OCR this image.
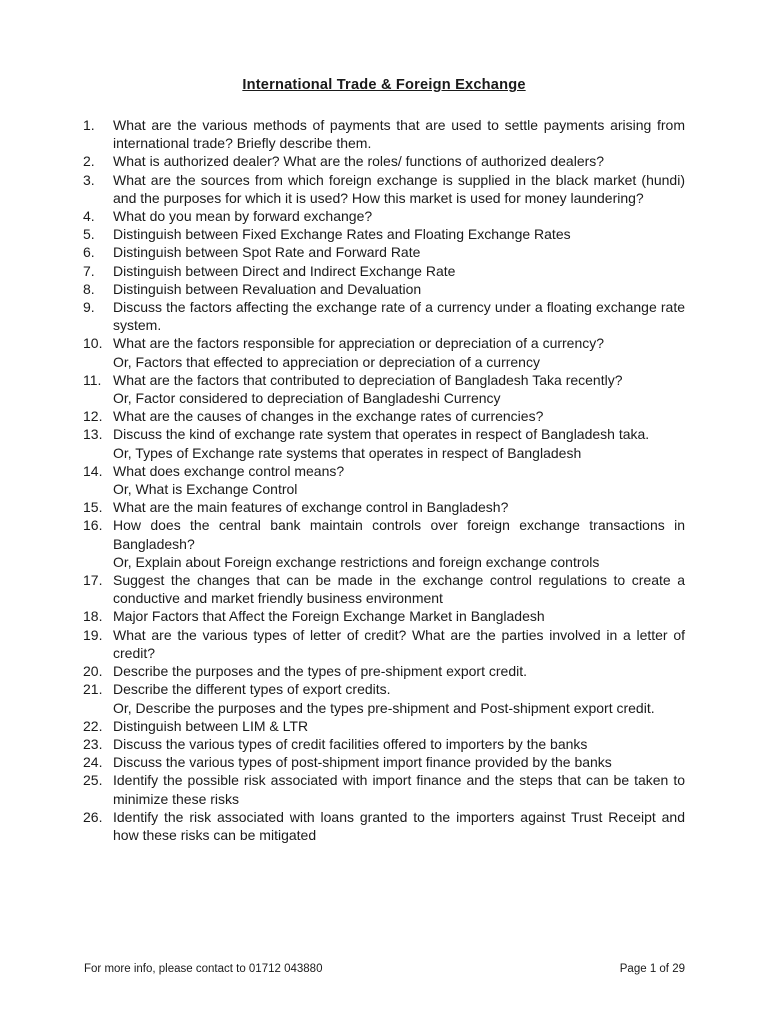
International Trade & Foreign Exchange
1.	What are the various methods of payments that are used to settle payments arising from international trade? Briefly describe them.

2.	What is authorized dealer? What are the roles/ functions of authorized dealers?

3.	What are the sources from which foreign exchange is supplied in the black market (hundi) and the purposes for which it is used? How this market is used for money laundering?

4.	What do you mean by forward exchange?

5.	Distinguish between Fixed Exchange Rates and Floating Exchange Rates

6.	Distinguish between Spot Rate and Forward Rate

7.	Distinguish between Direct and Indirect Exchange Rate

8.	Distinguish between Revaluation and Devaluation

9.	Discuss the factors affecting the exchange rate of a currency under a floating exchange rate system.

10. What are the factors responsible for appreciation or depreciation of a currency?

Or, Factors that effected to appreciation or depreciation of a currency

11. What are the factors that contributed to depreciation of Bangladesh Taka recently?

Or, Factor considered to depreciation of Bangladeshi Currency

12. What are the causes of changes in the exchange rates of currencies?

13. Discuss the kind of exchange rate system that operates in respect of Bangladesh taka.

Or, Types of Exchange rate systems that operates in respect of Bangladesh

14. What does exchange control means?

Or, What is Exchange Control

15. What are the main features of exchange control in Bangladesh?

16. How does the central bank maintain controls over foreign exchange transactions in Bangladesh?

Or, Explain about Foreign exchange restrictions and foreign exchange controls

17. Suggest the changes that can be made in the exchange control regulations to create a conductive and market friendly business environment

18. Major Factors that Affect the Foreign Exchange Market in Bangladesh

19. What are the various types of letter of credit? What are the parties involved in a letter of credit?

20. Describe the purposes and the types of pre-shipment export credit.

21. Describe the different types of export credits.

Or, Describe the purposes and the types pre-shipment and Post-shipment export credit.

22. Distinguish between LIM & LTR

23. Discuss the various types of credit facilities offered to importers by the banks

24. Discuss the various types of post-shipment import finance provided by the banks

25. Identify the possible risk associated with import finance and the steps that can be taken to minimize these risks

26. Identify the risk associated with loans granted to the importers against Trust Receipt and how these risks can be mitigated

For more info, please contact to 01712 043880	Page 1 of 29
